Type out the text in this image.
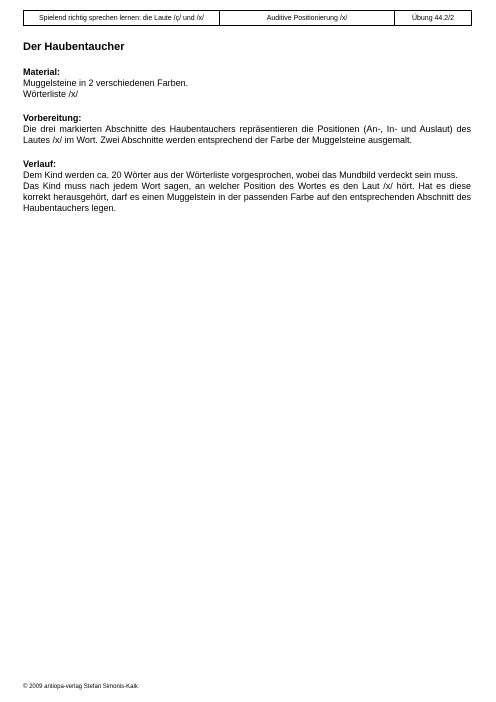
Spielend richtig sprechen lernen: die Laute /ç/ und /x/	Auditive Positionierung /x/	Übung 44.2/2
Der Haubentaucher
Material:

Muggelsteine in 2 verschiedenen Farben.

Wörterliste /x/

Vorbereitung:

Die drei markierten Abschnitte des Haubentauchers repräsentieren die Positionen (An-, In- und Auslaut) des Lautes /x/ im Wort. Zwei Abschnitte werden entsprechend der Farbe der Muggelsteine ausgemalt.

Verlauf:

Dem Kind werden ca. 20 Wörter aus der Wörterliste vorgesprochen, wobei das Mundbild verdeckt sein muss.

Das Kind muss nach jedem Wort sagen, an welcher Position des Wortes es den Laut /x/ hört. Hat es diese korrekt herausgehört, darf es einen Muggelstein in der passenden Farbe auf den entsprechenden Abschnitt des Haubentauchers legen.

© 2009 antiopa-verlag Stefan Simonis-Kalk
